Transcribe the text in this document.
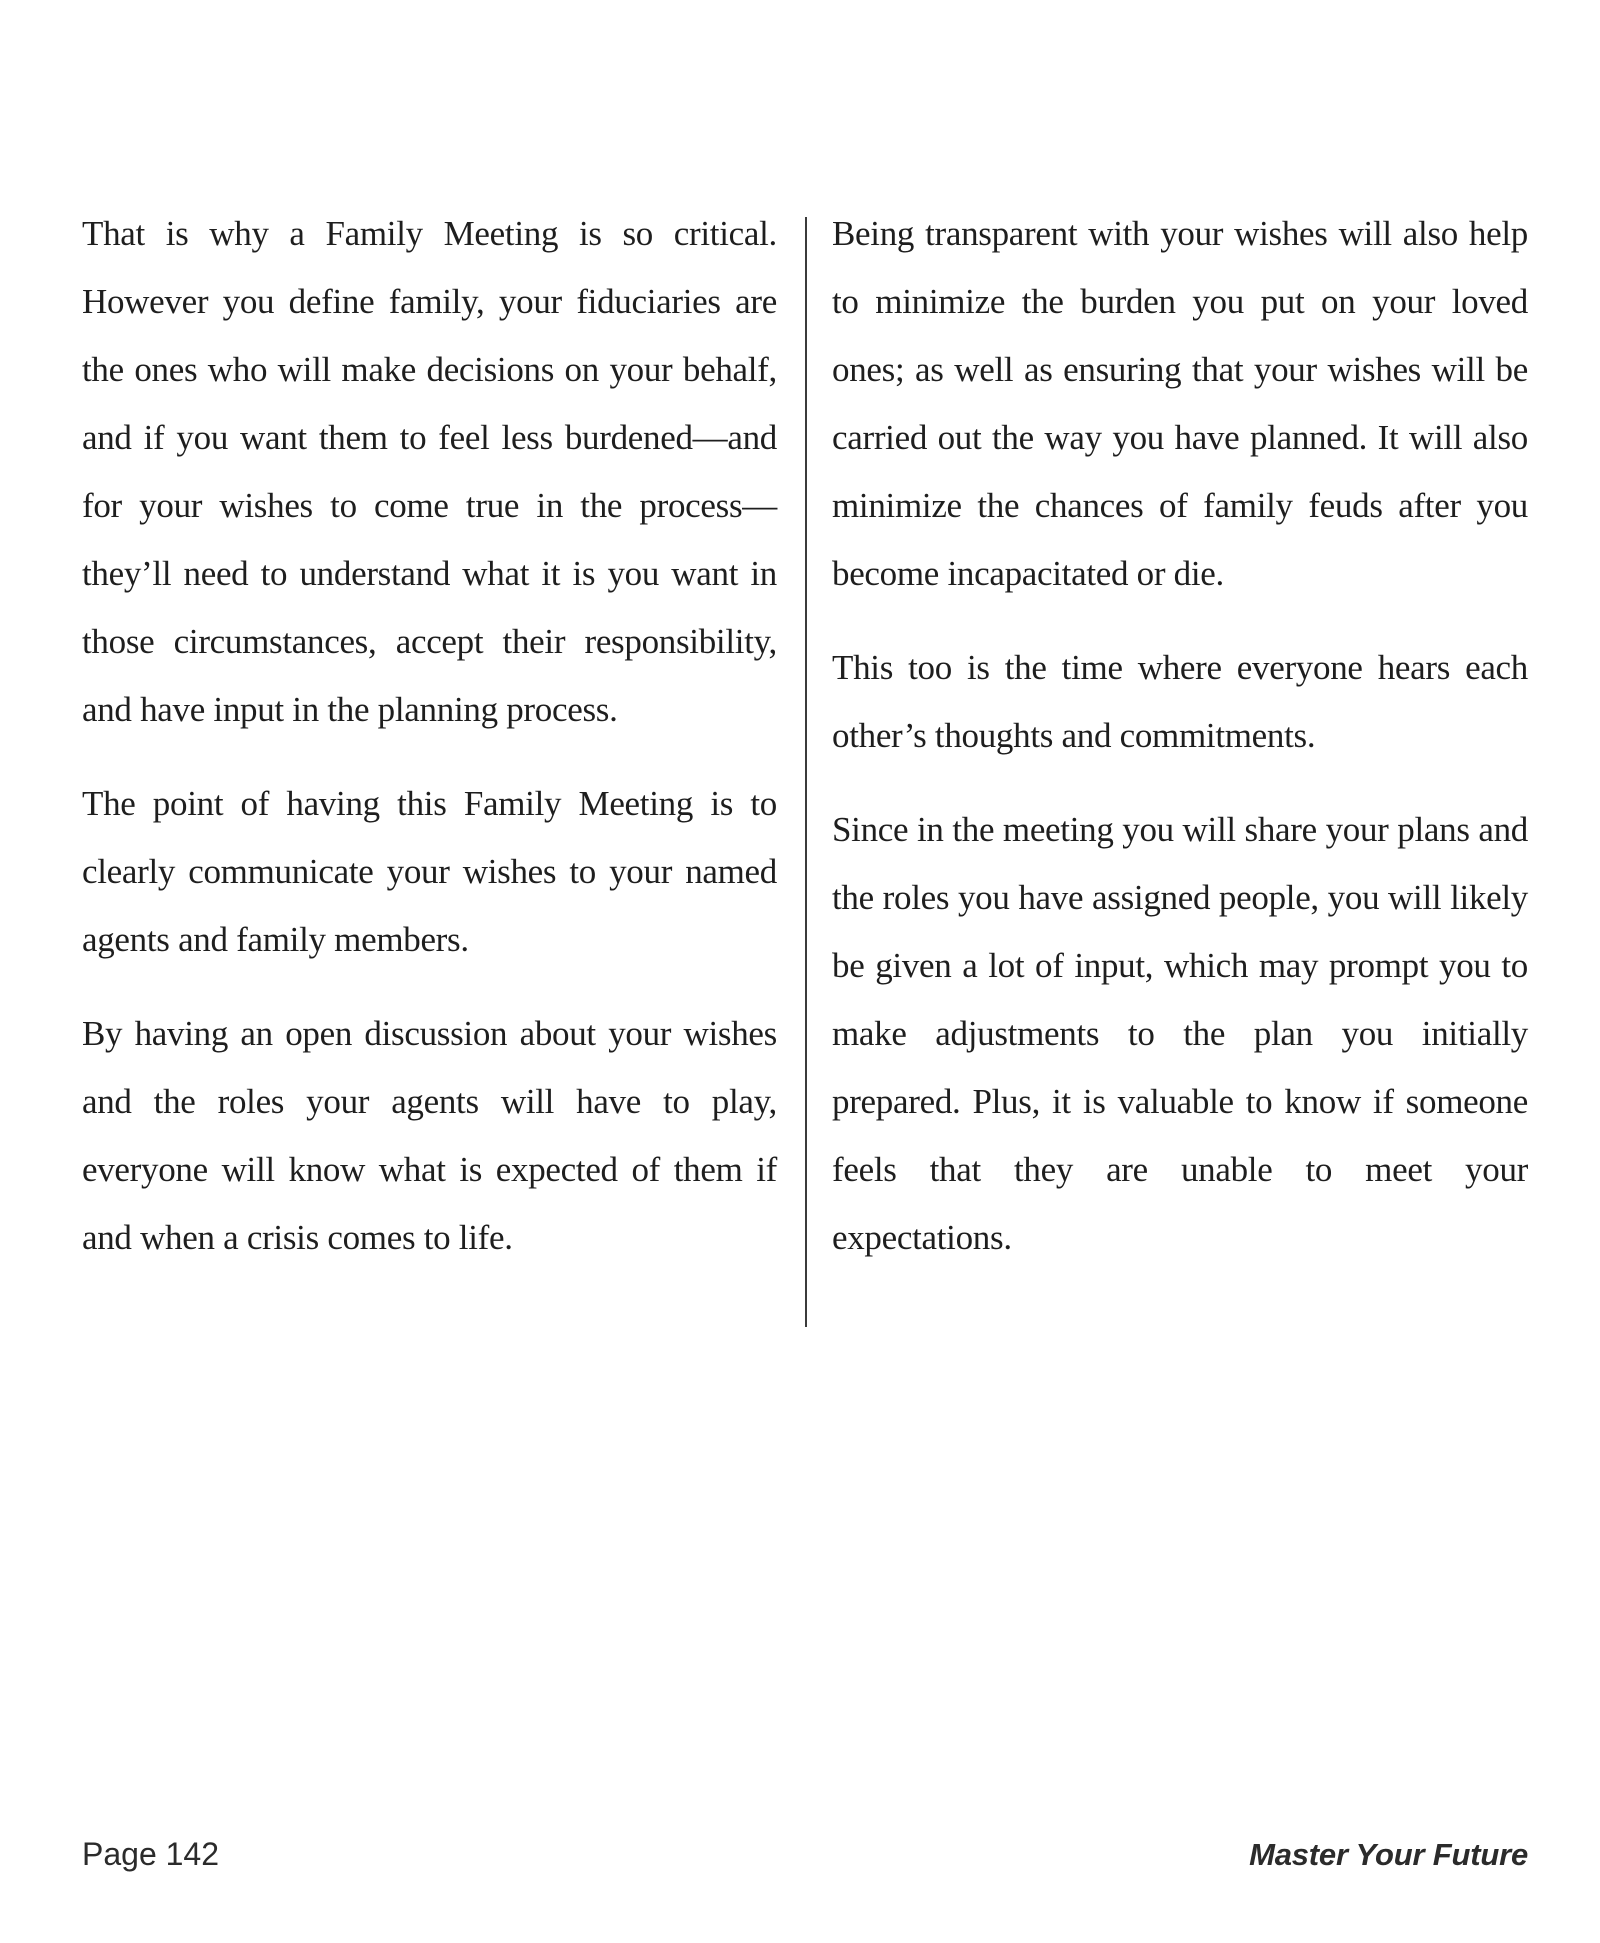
That is why a Family Meeting is so critical. However you define family, your fiduciaries are the ones who will make decisions on your behalf, and if you want them to feel less burdened—and for your wishes to come true in the process—they’ll need to understand what it is you want in those circumstances, accept their responsibility, and have input in the planning process.

The point of having this Family Meeting is to clearly communicate your wishes to your named agents and family members.

By having an open discussion about your wishes and the roles your agents will have to play, everyone will know what is expected of them if and when a crisis comes to life.

Being transparent with your wishes will also help to minimize the burden you put on your loved ones; as well as ensuring that your wishes will be carried out the way you have planned. It will also minimize the chances of family feuds after you become incapacitated or die.

This too is the time where everyone hears each other’s thoughts and commitments.

Since in the meeting you will share your plans and the roles you have assigned people, you will likely be given a lot of input, which may prompt you to make adjustments to the plan you initially prepared. Plus, it is valuable to know if someone feels that they are unable to meet your expectations.

Page 142	Master Your Future
